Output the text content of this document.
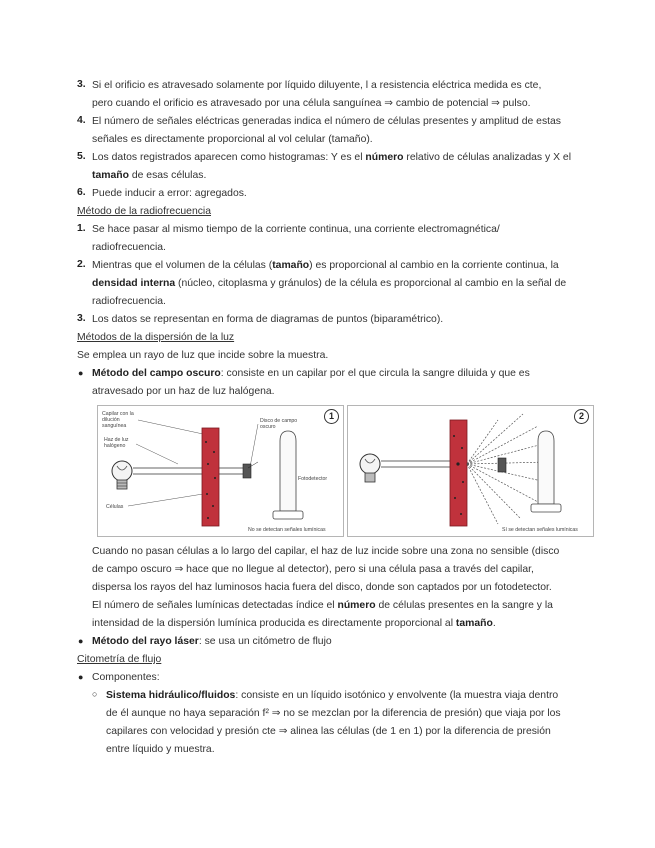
3. Si el orificio es atravesado solamente por líquido diluyente, l a resistencia eléctrica medida es cte,
pero cuando el orificio es atravesado por una célula sanguínea ⇒ cambio de potencial ⇒ pulso.
4. El número de señales eléctricas generadas indica el número de células presentes y amplitud de estas
señales es directamente proporcional al vol celular (tamaño).
5. Los datos registrados aparecen como histogramas: Y es el número relativo de células analizadas y X el
tamaño de esas células.
6. Puede inducir a error: agregados.
Método de la radiofrecuencia
1. Se hace pasar al mismo tiempo de la corriente continua, una corriente electromagnética/
radiofrecuencia.
2. Mientras que el volumen de la células (tamaño) es proporcional al cambio en la corriente continua, la
densidad interna (núcleo, citoplasma y gránulos) de la célula es proporcional al cambio en la señal de
radiofrecuencia.
3. Los datos se representan en forma de diagramas de puntos (biparamétrico).
Métodos de la dispersión de la luz
Se emplea un rayo de luz que incide sobre la muestra.
● Método del campo oscuro: consiste en un capilar por el que circula la sangre diluida y que es
atravesado por un haz de luz halógena.
1
Capilar con la
dilución
sanguínea
Haz de luz
halógeno
Disco de campo
oscuro
Fotodetector
Células
No se detectan señales lumínicas
2
Sí se detectan señales lumínicas
Cuando no pasan células a lo largo del capilar, el haz de luz incide sobre una zona no sensible (disco
de campo oscuro ⇒ hace que no llegue al detector), pero si una célula pasa a través del capilar,
dispersa los rayos del haz luminosos hacia fuera del disco, donde son captados por un fotodetector.
El número de señales lumínicas detectadas índice el número de células presentes en la sangre y la
intensidad de la dispersión lumínica producida es directamente proporcional al tamaño.
● Método del rayo láser: se usa un citómetro de flujo
Citometría de flujo
● Componentes:
○ Sistema hidráulico/fluidos: consiste en un líquido isotónico y envolvente (la muestra viaja dentro
de él aunque no haya separación f² ⇒ no se mezclan por la diferencia de presión) que viaja por los
capilares con velocidad y presión cte ⇒ alinea las células (de 1 en 1) por la diferencia de presión
entre líquido y muestra.
